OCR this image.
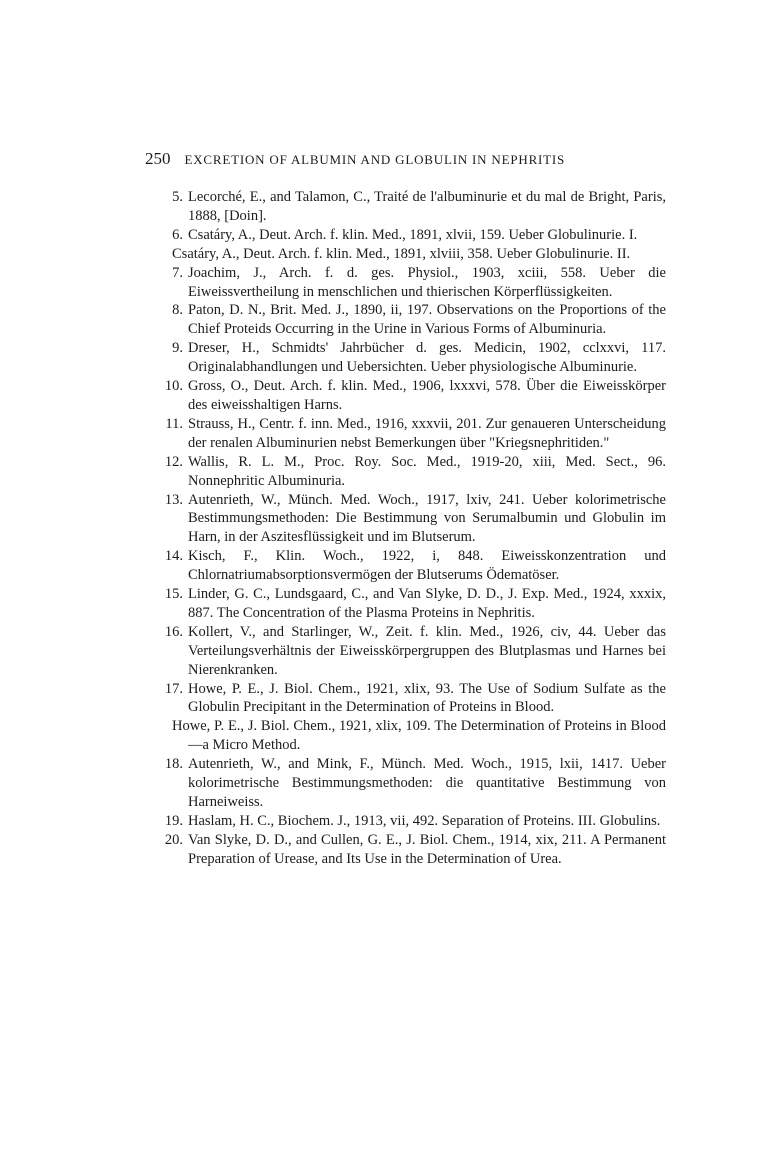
250 EXCRETION OF ALBUMIN AND GLOBULIN IN NEPHRITIS
5. Lecorché, E., and Talamon, C., Traité de l'albuminurie et du mal de Bright, Paris, 1888, [Doin].
6. Csatáry, A., Deut. Arch. f. klin. Med., 1891, xlvii, 159. Ueber Globulinurie. I.
Csatáry, A., Deut. Arch. f. klin. Med., 1891, xlviii, 358. Ueber Globulinurie. II.
7. Joachim, J., Arch. f. d. ges. Physiol., 1903, xciii, 558. Ueber die Eiweissvertheilung in menschlichen und thierischen Körperflüssigkeiten.
8. Paton, D. N., Brit. Med. J., 1890, ii, 197. Observations on the Proportions of the Chief Proteids Occurring in the Urine in Various Forms of Albuminuria.
9. Dreser, H., Schmidts' Jahrbücher d. ges. Medicin, 1902, cclxxvi, 117. Originalabhandlungen und Uebersichten. Ueber physiologische Albuminurie.
10. Gross, O., Deut. Arch. f. klin. Med., 1906, lxxxvi, 578. Über die Eiweisskörper des eiweisshaltigen Harns.
11. Strauss, H., Centr. f. inn. Med., 1916, xxxvii, 201. Zur genaueren Unterscheidung der renalen Albuminurien nebst Bemerkungen über "Kriegsnephritiden."
12. Wallis, R. L. M., Proc. Roy. Soc. Med., 1919-20, xiii, Med. Sect., 96. Nonnephritic Albuminuria.
13. Autenrieth, W., Münch. Med. Woch., 1917, lxiv, 241. Ueber kolorimetrische Bestimmungsmethoden: Die Bestimmung von Serumalbumin und Globulin im Harn, in der Aszitesflüssigkeit und im Blutserum.
14. Kisch, F., Klin. Woch., 1922, i, 848. Eiweisskonzentration und Chlornatriumabsorptionsvermögen der Blutserums Ödematöser.
15. Linder, G. C., Lundsgaard, C., and Van Slyke, D. D., J. Exp. Med., 1924, xxxix, 887. The Concentration of the Plasma Proteins in Nephritis.
16. Kollert, V., and Starlinger, W., Zeit. f. klin. Med., 1926, civ, 44. Ueber das Verteilungsverhältnis der Eiweisskörpergruppen des Blutplasmas und Harnes bei Nierenkranken.
17. Howe, P. E., J. Biol. Chem., 1921, xlix, 93. The Use of Sodium Sulfate as the Globulin Precipitant in the Determination of Proteins in Blood.
Howe, P. E., J. Biol. Chem., 1921, xlix, 109. The Determination of Proteins in Blood—a Micro Method.
18. Autenrieth, W., and Mink, F., Münch. Med. Woch., 1915, lxii, 1417. Ueber kolorimetrische Bestimmungsmethoden: die quantitative Bestimmung von Harneiweiss.
19. Haslam, H. C., Biochem. J., 1913, vii, 492. Separation of Proteins. III. Globulins.
20. Van Slyke, D. D., and Cullen, G. E., J. Biol. Chem., 1914, xix, 211. A Permanent Preparation of Urease, and Its Use in the Determination of Urea.
